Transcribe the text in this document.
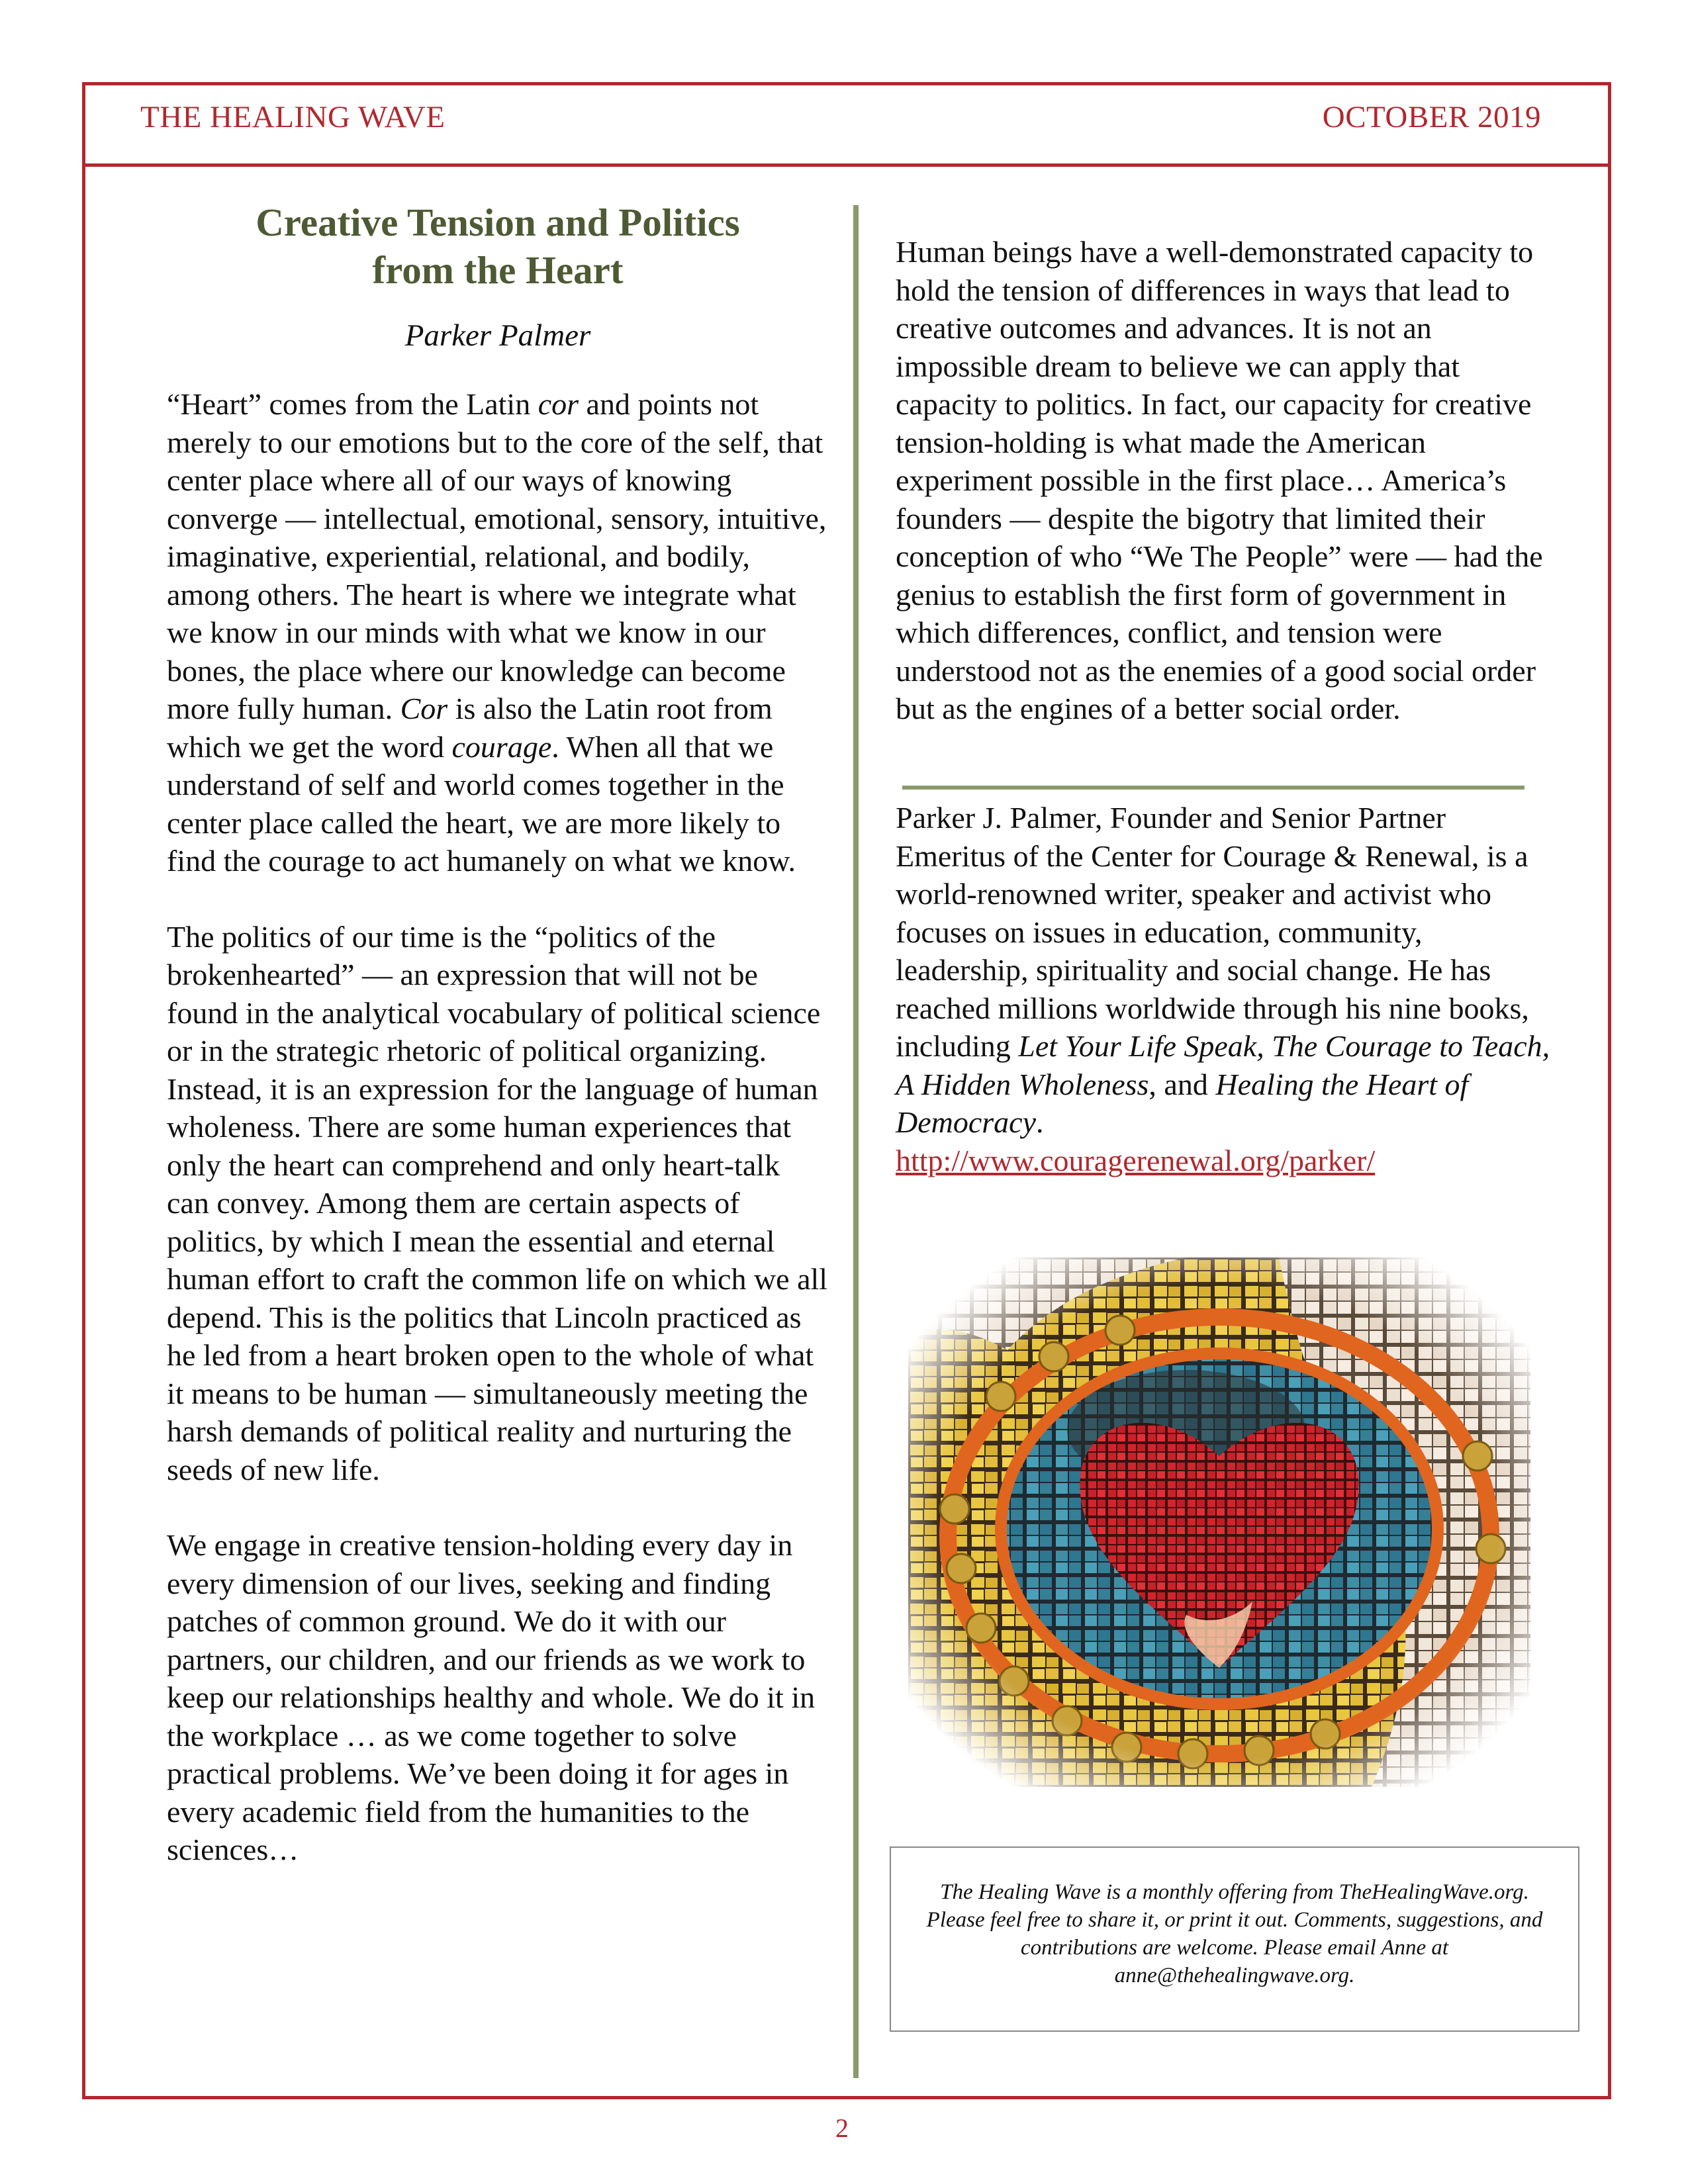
THE HEALING WAVE	OCTOBER 2019
Creative Tension and Politics
from the Heart
Parker Palmer

“Heart” comes from the Latin cor and points not merely to our emotions but to the core of the self, that center place where all of our ways of knowing converge — intellectual, emotional, sensory, intuitive, imaginative, experiential, relational, and bodily, among others. The heart is where we integrate what we know in our minds with what we know in our bones, the place where our knowledge can become more fully human. Cor is also the Latin root from which we get the word courage. When all that we understand of self and world comes together in the center place called the heart, we are more likely to find the courage to act humanely on what we know.

The politics of our time is the “politics of the brokenhearted” — an expression that will not be found in the analytical vocabulary of political science or in the strategic rhetoric of political organizing. Instead, it is an expression for the language of human wholeness. There are some human experiences that only the heart can comprehend and only heart-talk can convey. Among them are certain aspects of politics, by which I mean the essential and eternal human effort to craft the common life on which we all depend. This is the politics that Lincoln practiced as he led from a heart broken open to the whole of what it means to be human — simultaneously meeting the harsh demands of political reality and nurturing the seeds of new life.

We engage in creative tension-holding every day in every dimension of our lives, seeking and finding patches of common ground. We do it with our partners, our children, and our friends as we work to keep our relationships healthy and whole. We do it in the workplace … as we come together to solve practical problems. We’ve been doing it for ages in every academic field from the humanities to the sciences…

Human beings have a well-demonstrated capacity to hold the tension of differences in ways that lead to creative outcomes and advances. It is not an impossible dream to believe we can apply that capacity to politics. In fact, our capacity for creative tension-holding is what made the American experiment possible in the first place… America’s founders — despite the bigotry that limited their conception of who “We The People” were — had the genius to establish the first form of government in which differences, conflict, and tension were understood not as the enemies of a good social order but as the engines of a better social order.

Parker J. Palmer, Founder and Senior Partner Emeritus of the Center for Courage & Renewal, is a world-renowned writer, speaker and activist who focuses on issues in education, community, leadership, spirituality and social change. He has reached millions worldwide through his nine books, including Let Your Life Speak, The Courage to Teach, A Hidden Wholeness, and Healing the Heart of Democracy.
http://www.couragerenewal.org/parker/

The Healing Wave is a monthly offering from TheHealingWave.org. Please feel free to share it, or print it out. Comments, suggestions, and contributions are welcome. Please email Anne at anne@thehealingwave.org.
2
